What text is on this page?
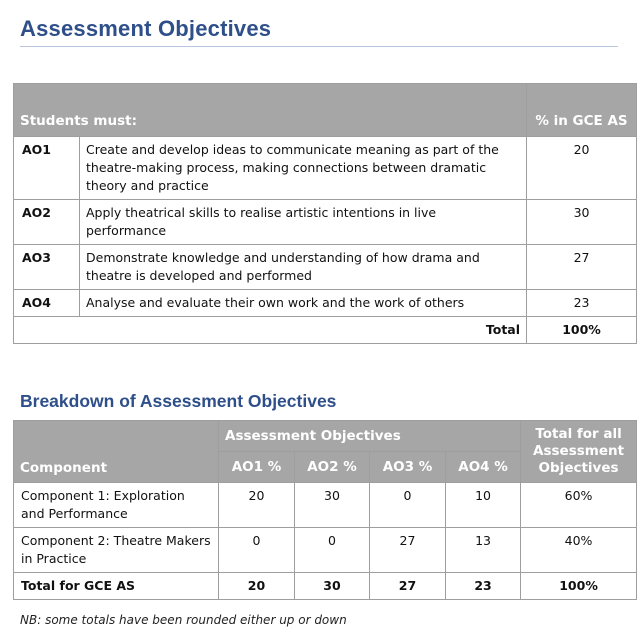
Assessment Objectives
Students must:		% in GCE AS
AO1	Create and develop ideas to communicate meaning as part of the theatre-making process, making connections between dramatic theory and practice	20
AO2	Apply theatrical skills to realise artistic intentions in live performance	30
AO3	Demonstrate knowledge and understanding of how drama and theatre is developed and performed	27
AO4	Analyse and evaluate their own work and the work of others	23
Total		100%
Breakdown of Assessment Objectives
Component	Assessment Objectives				Total for all Assessment Objectives
	AO1 %	AO2 %	AO3 %	AO4 %	
Component 1: Exploration and Performance	20	30	0	10	60%
Component 2: Theatre Makers in Practice	0	0	27	13	40%
Total for GCE AS	20	30	27	23	100%
NB: some totals have been rounded either up or down
